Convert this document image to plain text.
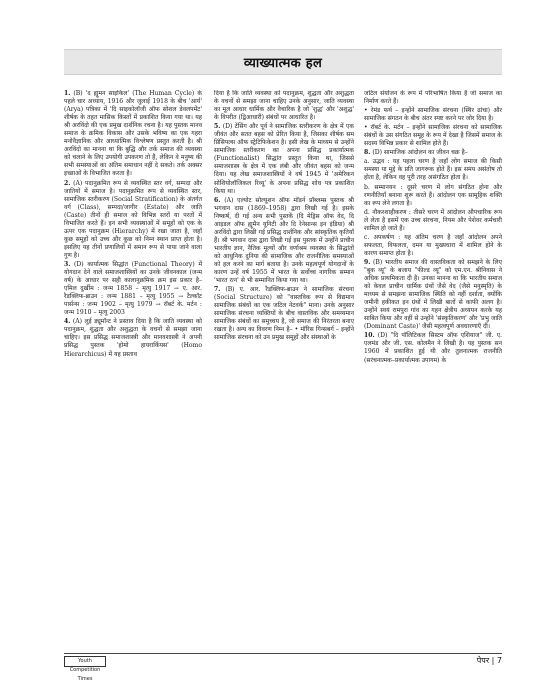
व्याख्यात्मक हल

1. (B) 'द ह्यूमन साइकिल' (The Human Cycle) के पहले चार अध्याय, 1916 और जुलाई 1918 के बीच 'आर्य' (Arya) पत्रिका में 'दि साइकोलॉजी ऑफ सोशल डेवलपमेंट' शीर्षक के तहत मासिक किस्तों में प्रकाशित किया गया था। यह श्री अरविंदो की एक प्रमुख दार्शनिक रचना है। यह पुस्तक मानव समाज के क्रमिक विकास और उसके भविष्य का एक गहरा मनोवैज्ञानिक और आध्यात्मिक विश्लेषण प्रस्तुत करती है। श्री अरविंदो का मानना था कि बुद्धि और तर्क समाज की व्यवस्था को चलाने के लिए उपयोगी उपकरण तो हैं, लेकिन वे मनुष्य की सभी समस्याओं का अंतिम समाधान नहीं दे सकते। तर्क अक्सर इच्छाओं के विभाजित करता है।

2. (A) पदानुक्रमित रूप से व्यवस्थित स्तर वर्ग, सम्पदा और जातियों में समाज है। पदानुक्रमित रूप से व्यवस्थित स्तर, सामाजिक स्तरीकरण (Social Stratification) के अंतर्गत वर्ग (Class), सम्पदा/जागीर (Estate) और जाति (Caste) तीनों ही समाज को विभिन्न स्तरों या परतों में विभाजित करते हैं। इन सभी व्यवस्थाओं में समूहों को एक के ऊपर एक पदानुक्रम (Hierarchy) में रखा जाता है, जहाँ कुछ समूहों को उच्च और कुछ को निम्न स्थान प्राप्त होता है। इसलिए यह तीनों प्रणालियों में समान रूप से पाया जाने वाला गुण है।

3. (D) कार्यात्मक सिद्धांत (Functional Theory) में योगदान देने वाले समाजशास्त्रियों का उनके जीवनकाल (जन्म वर्ष) के आधार पर सही कालानुक्रमिक क्रम इस प्रकार है– एमिल दुर्खीम : जन्म 1858 – मृत्यु 1917 → ए. आर. रैडक्लिफ-ब्राउन : जन्म 1881 – मृत्यु 1955 → टैल्कॉट पार्सन्स : जन्म 1902 – मृत्यु 1979 → रॉबर्ट के. मर्टन : जन्म 1910 – मृत्यु 2003

4. (A) लुई ड्यूमॉन्ट ने प्रस्ताव दिया है कि जाति व्यवस्था को पदानुक्रम, शुद्धता और अशुद्धता के वचनों से समझा जाना चाहिए। इस प्रसिद्ध समाजशास्त्री और मानवशास्त्री ने अपनी प्रसिद्ध पुस्तक 'होमो हायरार्कियस' (Homo Hierarchicus) में यह प्रस्ताव

दिया है कि जाति व्यवस्था को पदानुक्रम, शुद्धता और अशुद्धता के वचनों से समझा जाना चाहिए उनके अनुसार, जाति व्यवस्था का मूल आधार धार्मिक और वैचारिक है जो 'शुद्ध' और 'अशुद्ध' के विपरीत (द्विआधारी) संबंधों पर आधारित है।

5. (D) टेंसिंग और पूर्व ने सामाजिक स्तरीकरण के क्षेत्र में एक जीवंत और सतत बहस को प्रेरित किया है, जिसका शीर्षक सम प्रिंसिपल्स ऑफ स्ट्रेटिफिकेशन है। इसी लेख के माध्यम से उन्होंने सामाजिक स्तरीकरण का अपना प्रसिद्ध प्रकार्यात्मक (Functionalist) सिद्धांत प्रस्तुत किया था, जिससे समाजशास्त्र के क्षेत्र में एक लंबी और जीवंत बहस को जन्म दिया। यह लेख समाजशास्त्रियों ने वर्ष 1945 में 'अमेरिकन सोशियोलॉजिकल रिव्यू' के अपना प्रसिद्ध शोध पत्र प्रकाशित किया था।

6. (A) एल्योट सोल्यूशन ऑफ मॉडर्न प्रॉब्लम्स पुस्तक श्री भगवान दास (1869–1958) द्वारा लिखी गई है। इसके निष्कर्ष, दी गई अन्य सभी पुस्तकें (दि मेड्रिस ऑफ वेद, दि आइडल ऑफ ह्यूमैन यूनिटी और दि रेनेसान्स इन इंडिया) श्री अरविंदो द्वारा लिखी गई प्रसिद्ध दार्शनिक और सांस्कृतिक कृतियाँ हैं। श्री भगवान दास द्वारा लिखी गई इस पुस्तक में उन्होंने प्राचीन भारतीय ज्ञान, नैतिक मूल्यों और वर्णाश्रम व्यवस्था के सिद्धांतों को आधुनिक दुनिया की सामाजिक और राजनीतिक समस्याओं को हल करने का मार्ग बताया है। उनके महत्वपूर्ण योगदानों के कारण उन्हें वर्ष 1955 में भारत के सर्वोच्च नागरिक सम्मान 'भारत रत्न' से भी सम्मानित किया गया था।

7. (B) ए. आर. रैडक्लिफ-ब्राउन ने सामाजिक संरचना (Social Structure) को "वास्तविक रूप से विद्यमान सामाजिक संबंधों का एक जटिल नेटवर्क" माना। उनके अनुसार सामाजिक संरचना व्यक्तियों के बीच वास्तविक और समय्यमान सामाजिक संबंधों का समुच्चय है, जो समाज की निरंतरता बनाए रखता है। अन्य का विवरण निम्न है– • मॉरिस गिन्सबर्ग – इन्होंने सामाजिक संरचना को उन प्रमुख समूहों और संस्थाओं के

जटिल संयोजन के रूप में परिभाषित किया है जो समाज का निर्माण करते हैं।

• रेमंड फर्थ – इन्होंने सामाजिक संरचना (स्थिर ढांचा) और सामाजिक संगठन के बीच अंतर स्पष्ट करने पर जोर दिया है।

• रॉबर्ट के. मर्टन – इन्होंने सामाजिक संरचना को सामाजिक संबंधों के उस संगठित समूह के रूप में देखा है जिसमें समाज के सदस्य विभिन्न प्रकार से शामिल होते हैं।

8. (D) सामाजिक आंदोलन का जीवन चक्र है–

a. उद्भव : यह पहला चरण है जहाँ लोग समाज की किसी समस्या या मुद्दे के प्रति जागरूक होते हैं। इस समय असंतोष तो होता है, लेकिन वह पूरी तरह असंगठित होता है।

b. सम्मानयन : दूसरे चरण में लोग संगठित होना और रणनीतियाँ बनाना शुरू करते हैं। आंदोलन एक सामूहिक शक्ति का रूप लेने लगता है।

d. नौकरशाहीकरण : तीसरे चरण में आंदोलन औपचारिक रूप ले लेता है इसमें एक उच्च संरचना, नियम और पेशेवर कर्मचारी शामिल हो जाते हैं।

c. अपकर्षण : यह अंतिम चरण है जहाँ आंदोलन अपने सफलता, विफलता, दमन या मुख्यधारा में शामिल होने के कारण समाप्त होता है।

9. (B) भारतीय समाज की वास्तविकता को समझने के लिए "बुक व्यू" के बजाय "फील्ड व्यू" को एम.एन. श्रीनिवास ने अधिक प्राथमिकता दी है। उनका मानना था कि भारतीय समाज को केवल प्राचीन धार्मिक ग्रंथों जैसे वेद (जैसे मनुस्मृति) के माध्यम से समझना सामाजिक स्थिति को नहीं दर्शाता, क्योंकि जमीनी हकीकत इन ग्रंथों में लिखी बातों से काफी अलग है। उन्होंने स्वयं रामपुरा गांव का गहन क्षेत्रीय अध्ययन करके यह साबित किया और वहीं से उन्होंने 'संस्कृतिकरण' और 'प्रभु जाति (Dominant Caste)' जैसी महत्वपूर्ण अवधारणाएँ दीं।

10. (D) "दि पॉलिटिकल सिस्टम ऑफ एशियाज" जी. ए. एलमंड और जी. एस. कोलमैन ने लिखी है। यह पुस्तक सन 1960 में प्रकाशित हुई थी और तुलनात्मक राजनीति (सरंचनात्मक–प्रकार्यात्मक उपागम) के

Youth Competition Times
पेपर | 7
